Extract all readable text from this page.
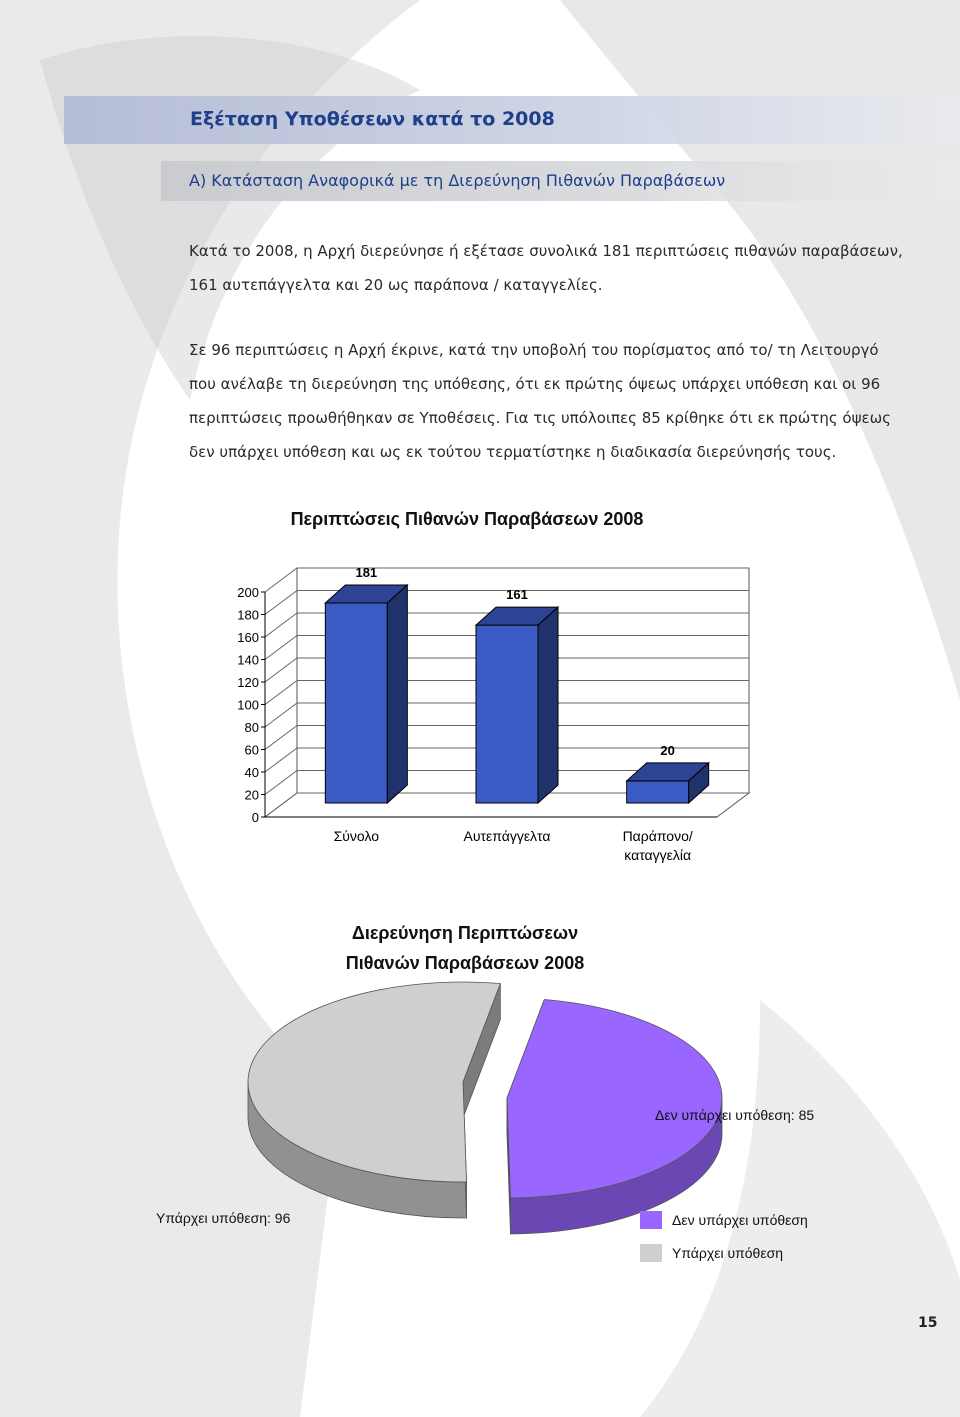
Εξέταση Υποθέσεων κατά το 2008
Α) Κατάσταση Αναφορικά με τη Διερεύνηση Πιθανών Παραβάσεων
Κατά το 2008, η Αρχή διερεύνησε ή εξέτασε συνολικά 181 περιπτώσεις πιθανών παραβάσεων,
161 αυτεπάγγελτα και 20 ως παράπονα / καταγγελίες.
Σε 96 περιπτώσεις η Αρχή έκρινε, κατά την υποβολή του πορίσματος από το/ τη Λειτουργό
που ανέλαβε τη διερεύνηση της υπόθεσης, ότι εκ πρώτης όψεως υπάρχει υπόθεση και οι 96
περιπτώσεις προωθήθηκαν σε Υποθέσεις. Για τις υπόλοιπες 85 κρίθηκε ότι εκ πρώτης όψεως
δεν υπάρχει υπόθεση και ως εκ τούτου τερματίστηκε η διαδικασία διερεύνησής τους.
Περιπτώσεις Πιθανών Παραβάσεων 2008
0
20
40
60
80
100
120
140
160
180
200
181
Σύνολο
161
Αυτεπάγγελτα
20
Παράπονο/
καταγγελία
Διερεύνηση Περιπτώσεων
Πιθανών Παραβάσεων 2008
Δεν υπάρχει υπόθεση: 85
Υπάρχει υπόθεση: 96	Δεν υπάρχει υπόθεση
Υπάρχει υπόθεση
15
